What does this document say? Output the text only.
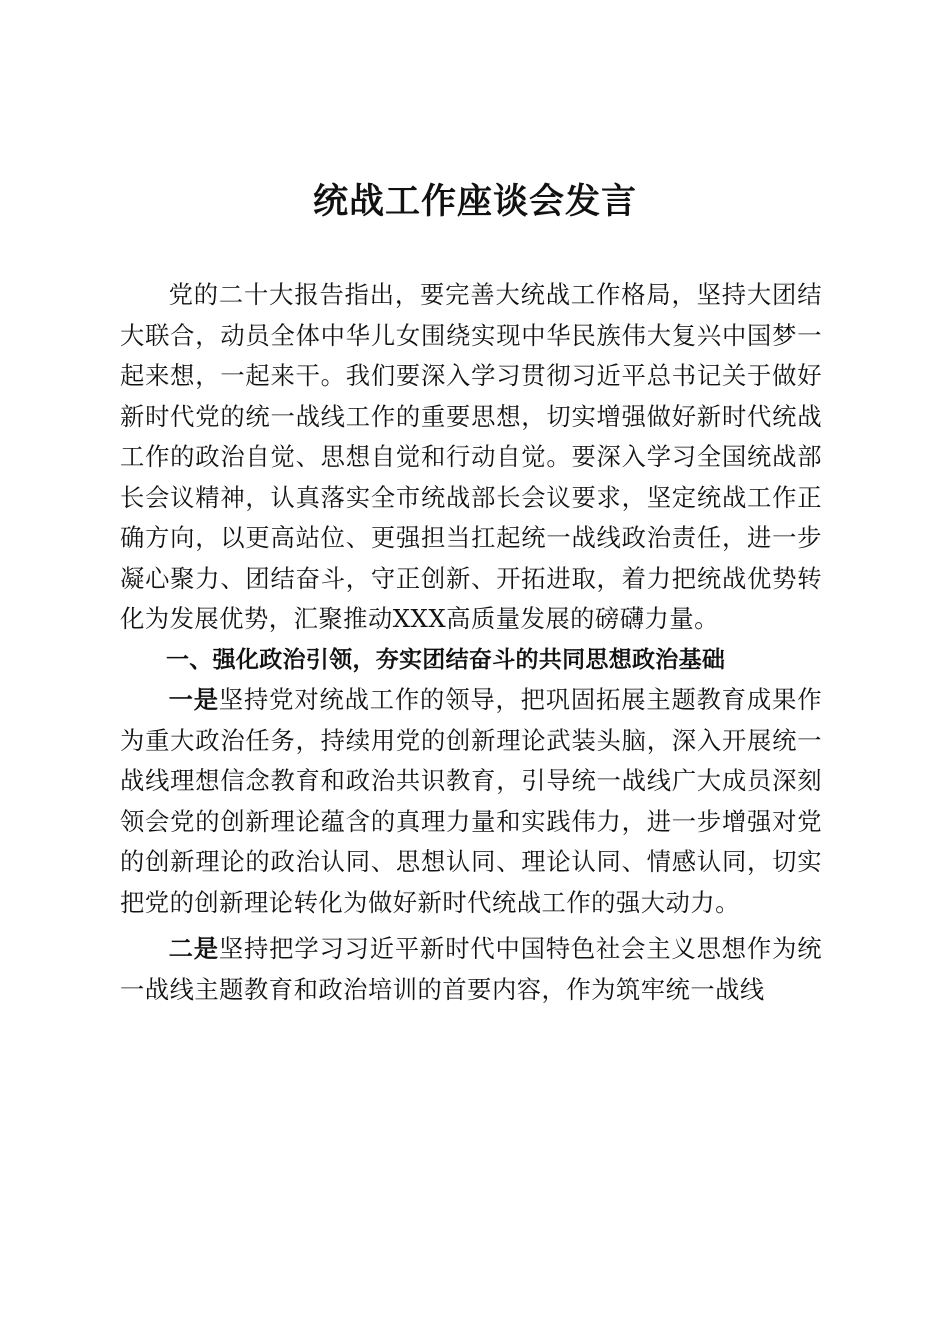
统战工作座谈会发言

党的二十大报告指出，要完善大统战工作格局，坚持大团结大联合，动员全体中华儿女围绕实现中华民族伟大复兴中国梦一起来想，一起来干。我们要深入学习贯彻习近平总书记关于做好新时代党的统一战线工作的重要思想，切实增强做好新时代统战工作的政治自觉、思想自觉和行动自觉。要深入学习全国统战部长会议精神，认真落实全市统战部长会议要求，坚定统战工作正确方向，以更高站位、更强担当扛起统一战线政治责任，进一步凝心聚力、团结奋斗，守正创新、开拓进取，着力把统战优势转化为发展优势，汇聚推动XXX高质量发展的磅礴力量。

一、强化政治引领，夯实团结奋斗的共同思想政治基础

一是坚持党对统战工作的领导，把巩固拓展主题教育成果作为重大政治任务，持续用党的创新理论武装头脑，深入开展统一战线理想信念教育和政治共识教育，引导统一战线广大成员深刻领会党的创新理论蕴含的真理力量和实践伟力，进一步增强对党的创新理论的政治认同、思想认同、理论认同、情感认同，切实把党的创新理论转化为做好新时代统战工作的强大动力。

二是坚持把学习习近平新时代中国特色社会主义思想作为统一战线主题教育和政治培训的首要内容，作为筑牢统一战线
